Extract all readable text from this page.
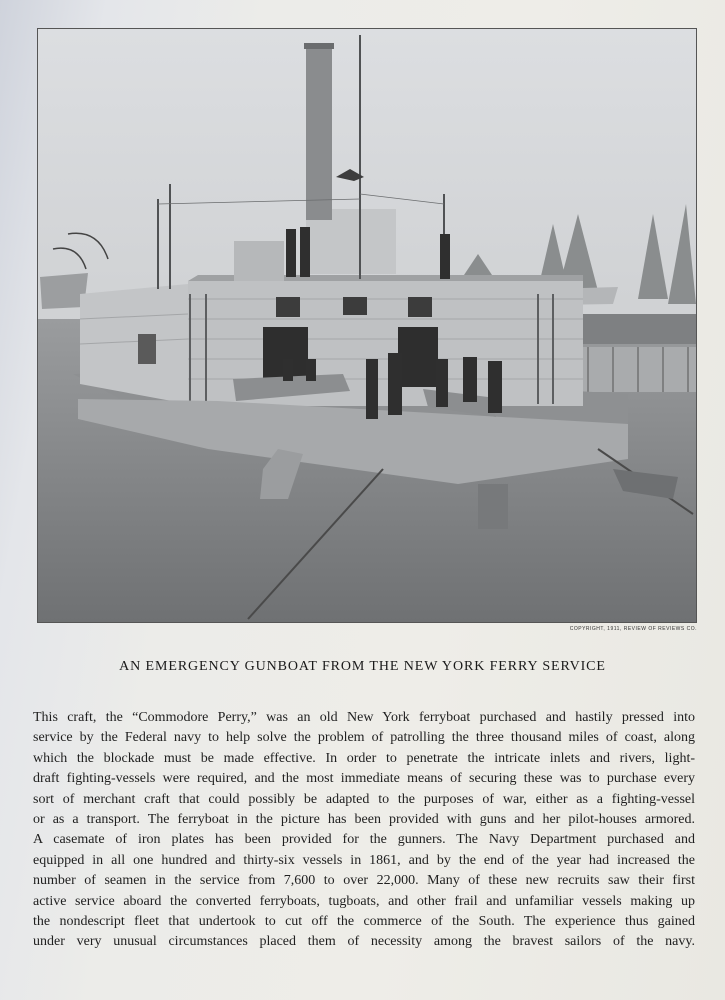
COPYRIGHT, 1911, REVIEW OF REVIEWS CO.
AN EMERGENCY GUNBOAT FROM THE NEW YORK FERRY SERVICE
This craft, the “Commodore Perry,” was an old New York ferryboat purchased and hastily pressed into
service by the Federal navy to help solve the problem of patrolling the three thousand miles of coast, along
which the blockade must be made effective. In order to penetrate the intricate inlets and rivers, light-
draft fighting-vessels were required, and the most immediate means of securing these was to purchase every
sort of merchant craft that could possibly be adapted to the purposes of war, either as a fighting-vessel
or as a transport. The ferryboat in the picture has been provided with guns and her pilot-houses armored.
A casemate of iron plates has been provided for the gunners. The Navy Department purchased and
equipped in all one hundred and thirty-six vessels in 1861, and by the end of the year had increased the
number of seamen in the service from 7,600 to over 22,000. Many of these new recruits saw their first
active service aboard the converted ferryboats, tugboats, and other frail and unfamiliar vessels making up
the nondescript fleet that undertook to cut off the commerce of the South. The experience thus gained
under very unusual circumstances placed them of necessity among the bravest sailors of the navy.
